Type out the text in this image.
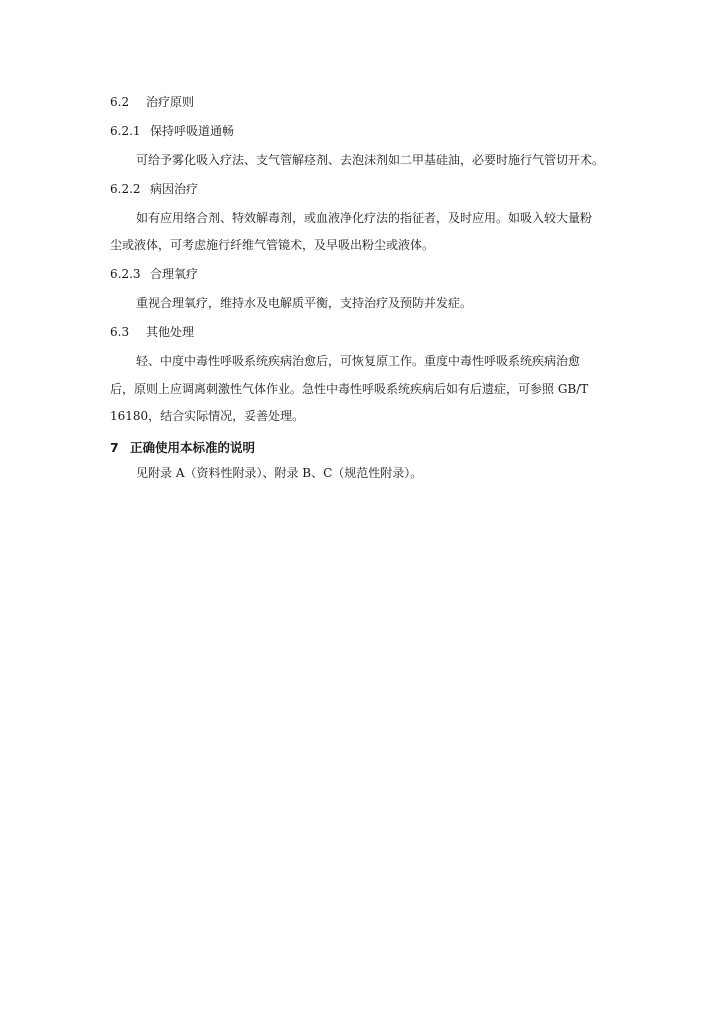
6.2 治疗原则
6.2.1 保持呼吸道通畅
可给予雾化吸入疗法、支气管解痉剂、去泡沫剂如二甲基硅油，必要时施行气管切开术。
6.2.2 病因治疗
如有应用络合剂、特效解毒剂，或血液净化疗法的指征者，及时应用。如吸入较大量粉
尘或液体，可考虑施行纤维气管镜术，及早吸出粉尘或液体。
6.2.3 合理氧疗
重视合理氧疗，维持水及电解质平衡，支持治疗及预防并发症。
6.3 其他处理
轻、中度中毒性呼吸系统疾病治愈后，可恢复原工作。重度中毒性呼吸系统疾病治愈
后，原则上应调离刺激性气体作业。急性中毒性呼吸系统疾病后如有后遗症，可参照 GB/T
16180，结合实际情况，妥善处理。
7 正确使用本标准的说明
见附录 A（资料性附录）、附录 B、C（规范性附录）。
